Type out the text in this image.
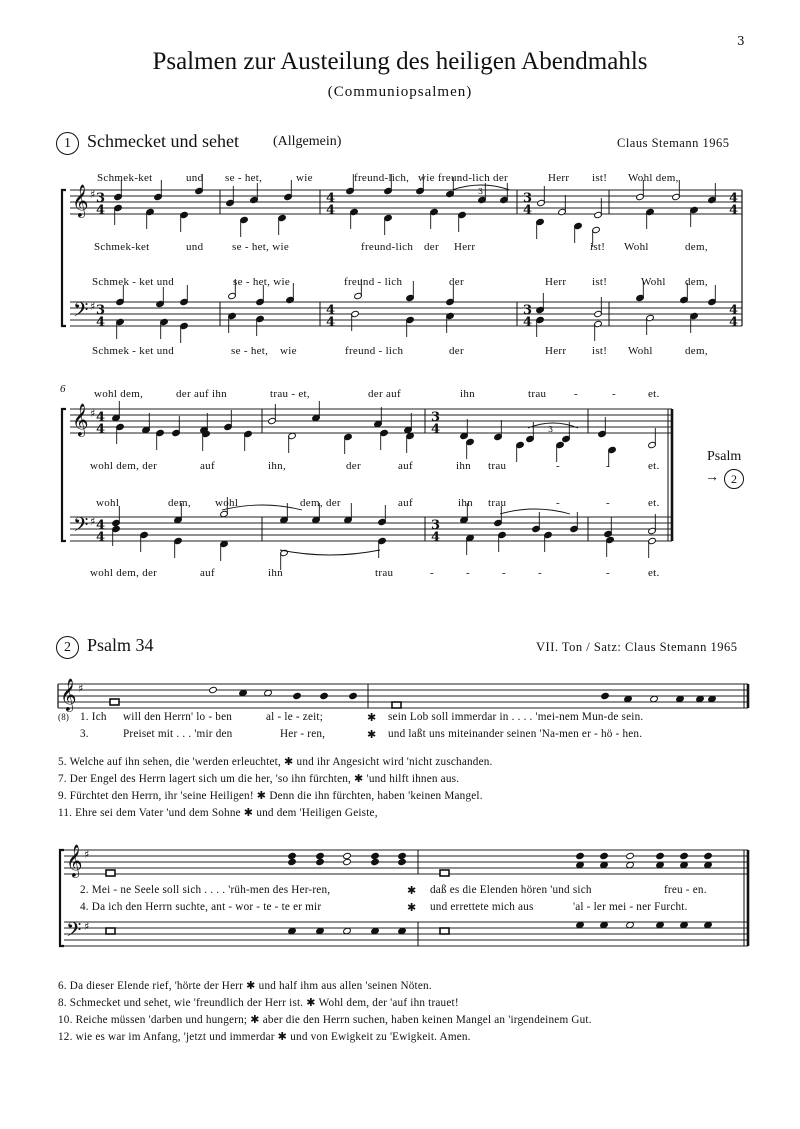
3
Psalmen zur Austeilung des heiligen Abendmahls
(Communiopsalmen)
1 Schmecket und sehet (Allgemein)	Claus Stemann 1965
Schmek-ket	und se - het,	wie	freund-lich, wie freund-lich der	Herr ist! Wohl dem,
Schmek-ket	und	se - het, wie	freund-lich der Herr	ist! Wohl	dem,
Schmek - ket und	se - het, wie	freund - lich	der	Herr ist!	Wohl dem,
Schmek - ket und	se - het, wie	freund - lich	der	Herr ist! Wohl	dem,
6	wohl dem,	der auf ihn	trau - et,	der auf	ihn	trau	-	-	et.
wohl dem, der	auf	ihn,	der	auf	ihn trau	-	-	et.
wohl	dem, wohl	dem, der	auf	ihn trau	-	-	et.
wohl dem, der	auf	ihn	trau	-	-	-	-	-	et.
Psalm
→	2
2 Psalm 34	VII. Ton / Satz: Claus Stemann 1965
(8) 1. Ich will den Herrn' lo - ben	al - le - zeit;	✱ sein Lob soll immerdar in . . . . 'mei-nem Mun-de sein.
3.	Preiset mit . . . 'mir den	Her - ren,	✱ und laßt uns miteinander seinen 'Na-men er - hö - hen.
5. Welche auf ihn sehen, die 'werden erleuchtet, ✱ und ihr Angesicht wird 'nicht zuschanden.
7. Der Engel des Herrn lagert sich um die her, 'so ihn fürchten, ✱ 'und hilft ihnen aus.
9. Fürchtet den Herrn, ihr 'seine Heiligen! ✱ Denn die ihn fürchten, haben 'keinen Mangel.
11. Ehre sei dem Vater 'und dem Sohne ✱ und dem 'Heiligen Geiste,
2. Mei - ne Seele soll sich . . . . 'rüh-men des Her-ren,	✱ daß es die Elenden hören 'und sich	freu - en.
4. Da ich den Herrn suchte, ant - wor - te - te er mir	✱ und errettete mich aus	'al - ler mei - ner Furcht.
6. Da dieser Elende rief, 'hörte der Herr ✱ und half ihm aus allen 'seinen Nöten.
8. Schmecket und sehet, wie 'freundlich der Herr ist. ✱ Wohl dem, der 'auf ihn trauet!
10. Reiche müssen 'darben und hungern; ✱ aber die den Herrn suchen, haben keinen Mangel an 'irgendeinem Gut.
12. wie es war im Anfang, 'jetzt und immerdar ✱ und von Ewigkeit zu 'Ewigkeit. Amen.
𝄞
𝄢
♯
♯
3
4
3
4
4
4
4
4
3
4
3
4
4
4
4
4
3
𝄞
𝄢
♯
♯
4
4
4
4
3
4
3
4
3
𝄞 ♯
𝄞
𝄢
♯
♯
